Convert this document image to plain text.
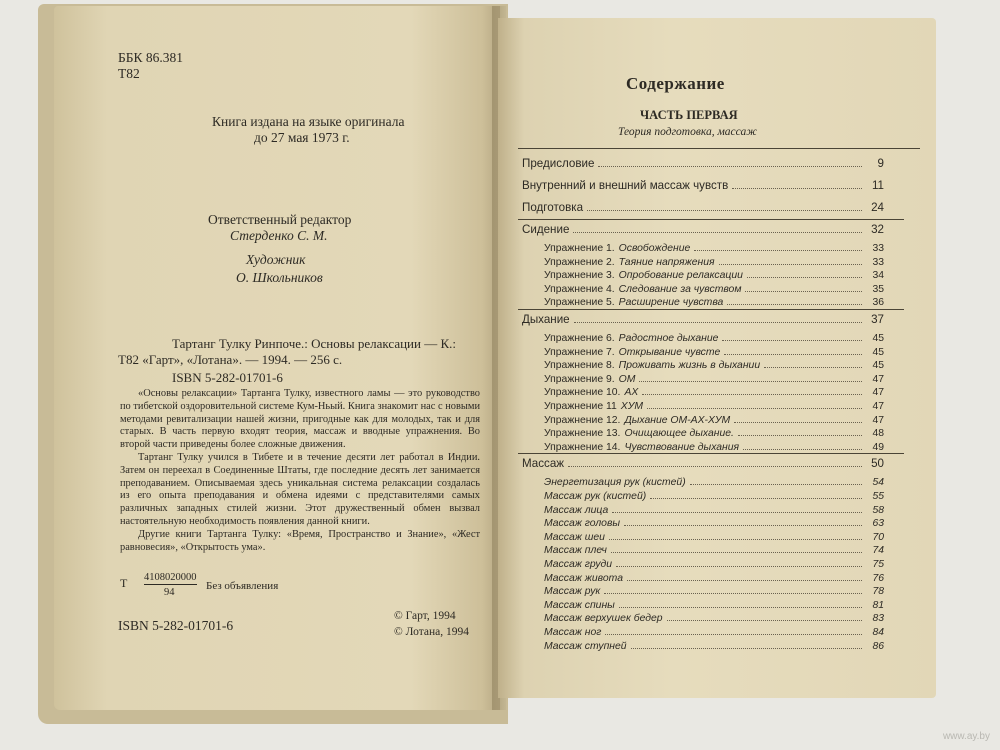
ББК 86.381
Т82
Книга издана на языке оригинала
до 27 мая 1973 г.
Ответственный редактор
Стерденко С. М.
Художник
О. Школьников
Тартанг Тулку Ринпоче.: Основы релаксации — К.:
Т82 «Гарт», «Лотана». — 1994. — 256 с.
ISBN 5-282-01701-6

«Основы релаксации» Тартанга Тулку, известного ламы — это руководство по тибетской оздоровительной системе Кум-Ньый. Книга знакомит нас с новыми методами ревитализации нашей жизни, пригодные как для молодых, так и для старых. В часть первую входят теория, массаж и вводные упражнения. Во второй части приведены более сложные движения.

Тартанг Тулку учился в Тибете и в течение десяти лет работал в Индии. Затем он переехал в Соединенные Штаты, где последние десять лет занимается преподаванием. Описываемая здесь уникальная система релаксации создалась из его опыта преподавания и обмена идеями с представителями самых различных западных стилей жизни. Этот дружественный обмен вызвал настоятельную необходимость появления данной книги.

Другие книги Тартанга Тулку: «Время, Пространство и Знание», «Жест равновесия», «Открытость ума».

Т 4108020000
94
Без объявления
ISBN 5-282-01701-6
© Гарт, 1994
© Лотана, 1994
Содержание
ЧАСТЬ ПЕРВАЯ
Теория подготовка, массаж
Предисловие	9
Внутренний и внешний массаж чувств	11
Подготовка	24
Сидение	32
Упражнение 1. Освобождение	33
Упражнение 2. Таяние напряжения	33
Упражнение 3. Опробование релаксации	34
Упражнение 4. Следование за чувством	35
Упражнение 5. Расширение чувства	36
Дыхание	37
Упражнение 6. Радостное дыхание	45
Упражнение 7. Открывание чувсте	45
Упражнение 8. Проживать жизнь в дыхании	45
Упражнение 9. ОМ	47
Упражнение 10. АХ	47
Упражнение 11 ХУМ	47
Упражнение 12. Дыхание ОМ-АХ-ХУМ	47
Упражнение 13. Очищающее дыхание.	48
Упражнение 14. Чувствование дыхания	49
Массаж	50
Энергетизация рук (кистей)	54
Массаж рук (кистей)	55
Массаж лица	58
Массаж головы	63
Массаж шеи	70
Массаж плеч	74
Массаж груди	75
Массаж живота	76
Массаж рук	78
Массаж спины	81
Массаж верхушек бедер	83
Массаж ног	84
Массаж ступней	86
www.ay.by
